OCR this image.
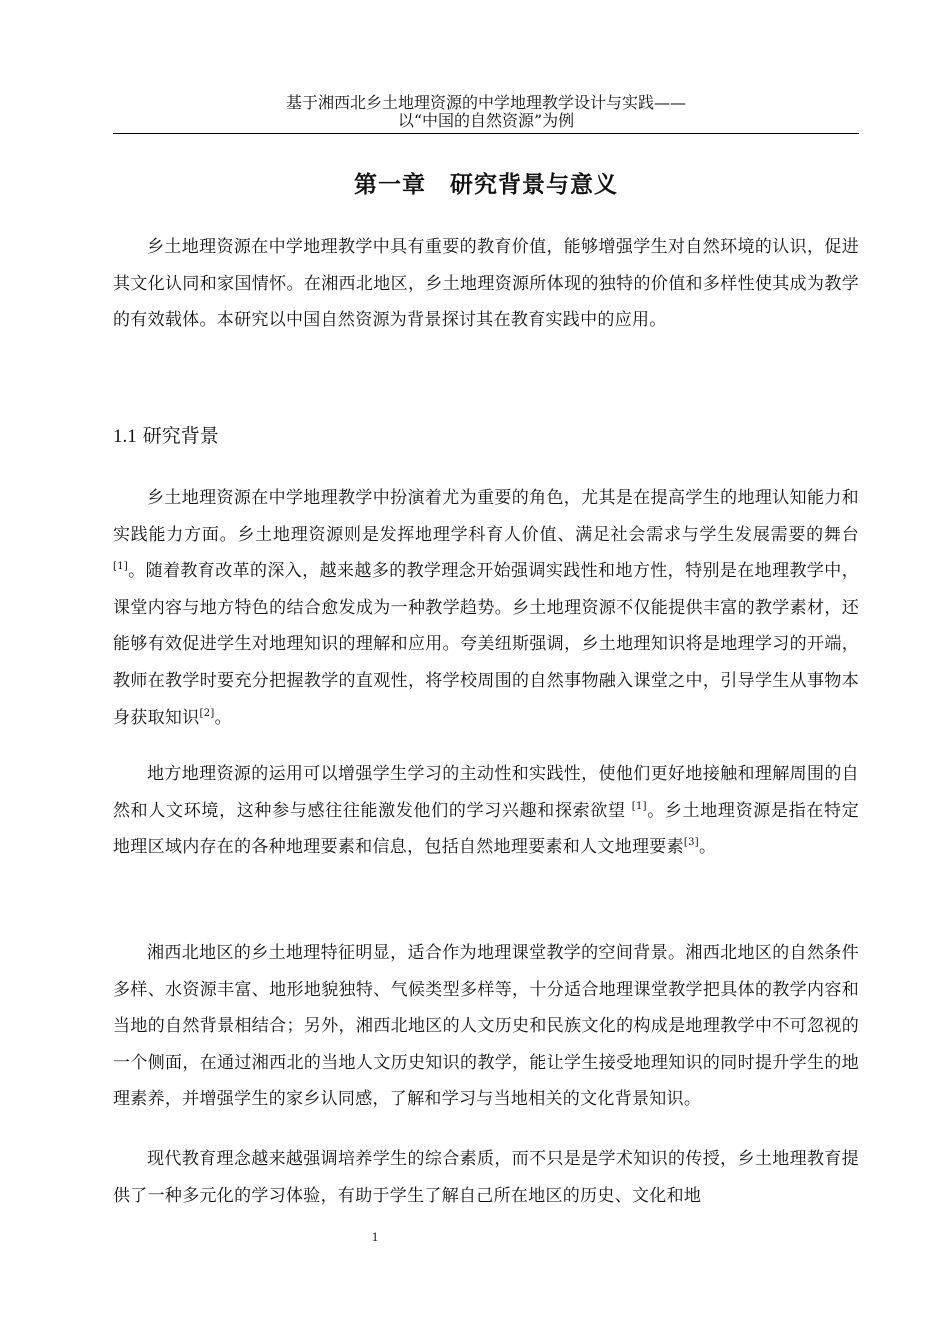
基于湘西北乡土地理资源的中学地理教学设计与实践——
以“中国的自然资源”为例
第一章　研究背景与意义

乡土地理资源在中学地理教学中具有重要的教育价值，能够增强学生对自然环境的认识，促进其文化认同和家国情怀。在湘西北地区，乡土地理资源所体现的独特的价值和多样性使其成为教学的有效载体。本研究以中国自然资源为背景探讨其在教育实践中的应用。

1.1 研究背景

乡土地理资源在中学地理教学中扮演着尤为重要的角色，尤其是在提高学生的地理认知能力和实践能力方面。乡土地理资源则是发挥地理学科育人价值、满足社会需求与学生发展需要的舞台[1]。随着教育改革的深入，越来越多的教学理念开始强调实践性和地方性，特别是在地理教学中，课堂内容与地方特色的结合愈发成为一种教学趋势。乡土地理资源不仅能提供丰富的教学素材，还能够有效促进学生对地理知识的理解和应用。夸美纽斯强调，乡土地理知识将是地理学习的开端，教师在教学时要充分把握教学的直观性，将学校周围的自然事物融入课堂之中，引导学生从事物本身获取知识[2]。

地方地理资源的运用可以增强学生学习的主动性和实践性，使他们更好地接触和理解周围的自然和人文环境，这种参与感往往能激发他们的学习兴趣和探索欲望 [1]。乡土地理资源是指在特定地理区域内存在的各种地理要素和信息，包括自然地理要素和人文地理要素[3]。

湘西北地区的乡土地理特征明显，适合作为地理课堂教学的空间背景。湘西北地区的自然条件多样、水资源丰富、地形地貌独特、气候类型多样等，十分适合地理课堂教学把具体的教学内容和当地的自然背景相结合；另外，湘西北地区的人文历史和民族文化的构成是地理教学中不可忽视的一个侧面，在通过湘西北的当地人文历史知识的教学，能让学生接受地理知识的同时提升学生的地理素养，并增强学生的家乡认同感，了解和学习与当地相关的文化背景知识。

现代教育理念越来越强调培养学生的综合素质，而不只是是学术知识的传授，乡土地理教育提供了一种多元化的学习体验，有助于学生了解自己所在地区的历史、文化和地

1
